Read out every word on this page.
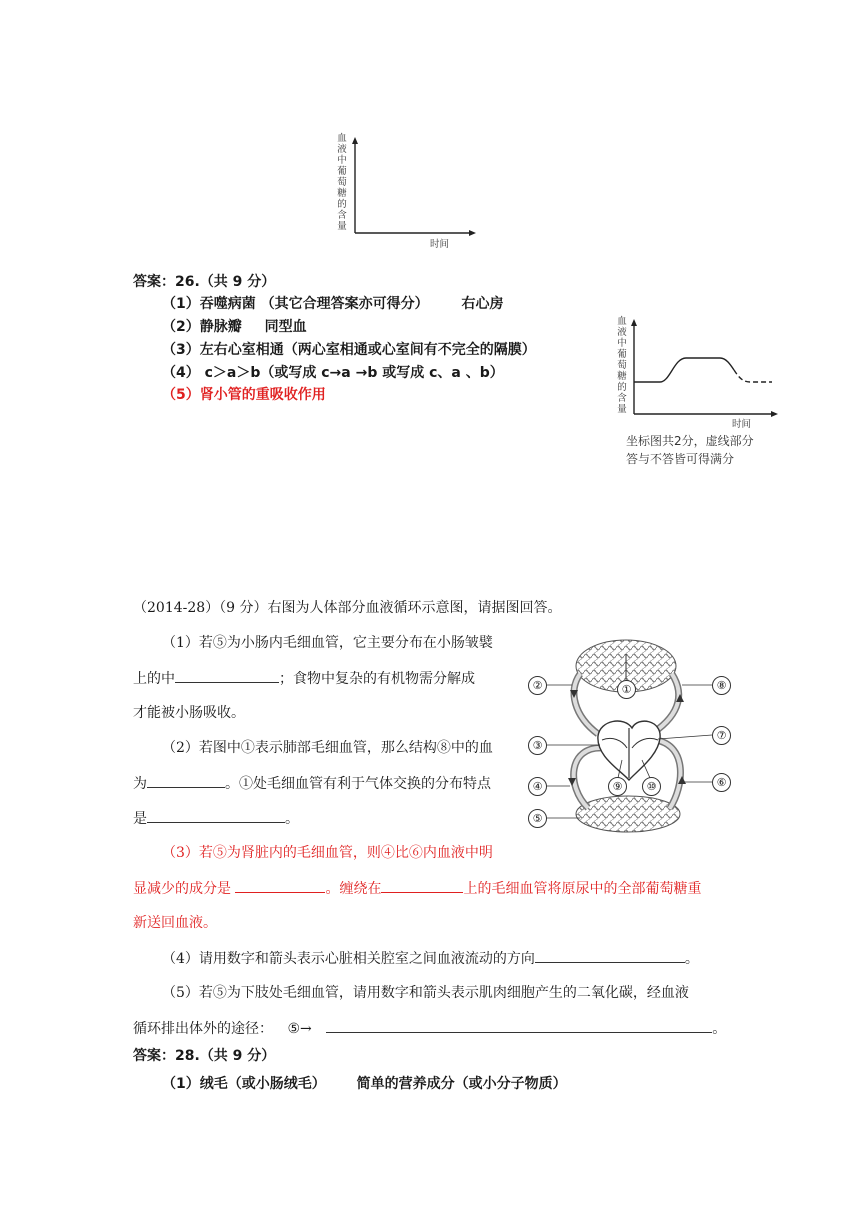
血液中葡萄糖的含量
时间
答案：26.（共 9 分）
（1）吞噬病菌 （其它合理答案亦可得分） 右心房
（2）静脉瓣 同型血
（3）左右心室相通（两心室相通或心室间有不完全的隔膜）
（4） c＞a＞b（或写成 c→a →b 或写成 c、a 、b）
（5）肾小管的重吸收作用
血液中葡萄糖的含量
时间
坐标图共2分，虚线部分
答与不答皆可得满分
（2014-28）（9 分）右图为人体部分血液循环示意图，请据图回答。
（1）若⑤为小肠内毛细血管，它主要分布在小肠皱襞
上的中	；食物中复杂的有机物需分解成
才能被小肠吸收。
（2）若图中①表示肺部毛细血管，那么结构⑧中的血
为	。①处毛细血管有利于气体交换的分布特点
是	。
（3）若⑤为肾脏内的毛细血管，则④比⑥内血液中明
显减少的成分是	。缠绕在	上的毛细血管将原尿中的全部葡萄糖重
新送回血液。
（4）请用数字和箭头表示心脏相关腔室之间血液流动的方向	。
（5）若⑤为下肢处毛细血管，请用数字和箭头表示肌肉细胞产生的二氧化碳，经血液
循环排出体外的途径： ⑤→	。
①
②	⑧
③
⑦
④	⑥
⑤
⑨	⑩
答案：28.（共 9 分）
（1）绒毛（或小肠绒毛） 简单的营养成分（或小分子物质）
